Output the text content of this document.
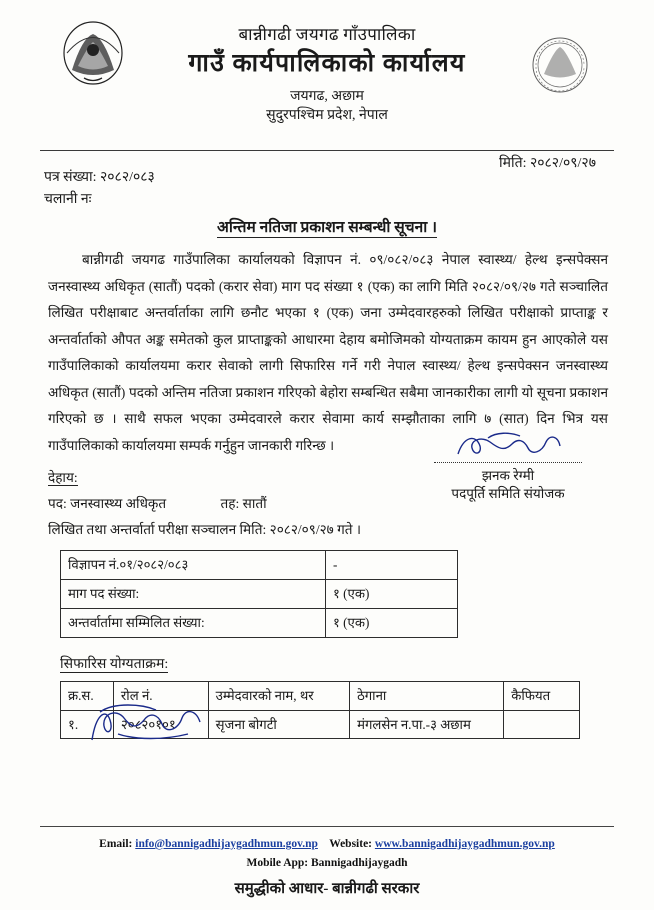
बान्नीगढी जयगढ गाँउपालिका
गाउँ कार्यपालिकाको कार्यालय
जयगढ, अछाम
सुदुरपश्चिम प्रदेश, नेपाल
मिति: २०८२/०९/२७
पत्र संख्या: २०८२/०८३
चलानी नः
अन्तिम नतिजा प्रकाशन सम्बन्धी सूचना ।
बान्नीगढी जयगढ गाउँपालिका कार्यालयको विज्ञापन नं. ०९/०८२/०८३ नेपाल स्वास्थ्य/ हेल्थ इन्सपेक्सन जनस्वास्थ्य अधिकृत (सातौं) पदको (करार सेवा) माग पद संख्या १ (एक) का लागि मिति २०८२/०९/२७ गते सञ्चालित लिखित परीक्षाबाट अन्तर्वार्ताका लागि छनौट भएका १ (एक) जना उम्मेदवारहरुको लिखित परीक्षाको प्राप्ताङ्क र अन्तर्वार्ताको औपत अङ्क समेतको कुल प्राप्ताङ्कको आधारमा देहाय बमोजिमको योग्यताक्रम कायम हुन आएकोले यस गाउँपालिकाको कार्यालयमा करार सेवाको लागी सिफारिस गर्ने गरी नेपाल स्वास्थ्य/ हेल्थ इन्सपेक्सन जनस्वास्थ्य अधिकृत (सातौं) पदको अन्तिम नतिजा प्रकाशन गरिएको बेहोरा सम्बन्धित सबैमा जानकारीका लागी यो सूचना प्रकाशन गरिएको छ । साथै सफल भएका उम्मेदवारले करार सेवामा कार्य सम्झौताका लागि ७ (सात) दिन भित्र यस गाउँपालिकाको कार्यालयमा सम्पर्क गर्नुहुन जानकारी गरिन्छ ।
झनक रेग्मी
पदपूर्ति समिति संयोजक
देहाय:
पद: जनस्वास्थ्य अधिकृत	तह: सातौं
लिखित तथा अन्तर्वार्ता परीक्षा सञ्चालन मिति: २०८२/०९/२७ गते ।
विज्ञापन नं.०१/२०८२/०८३	-
माग पद संख्या:	१ (एक)
अन्तर्वार्तामा सम्मिलित संख्या:	१ (एक)
सिफारिस योग्यताक्रम:
क्र.स.	रोल नं.	उम्मेदवारको नाम, थर	ठेगाना	कैफियत
१.	२०८२०१०१	सृजना बोगटी	मंगलसेन न.पा.-३ अछाम	
Email: info@bannigadhijaygadhmun.gov.np Website: www.bannigadhijaygadhmun.gov.np
Mobile App: Bannigadhijaygadh
समुद्धीको आधार- बान्नीगढी सरकार
